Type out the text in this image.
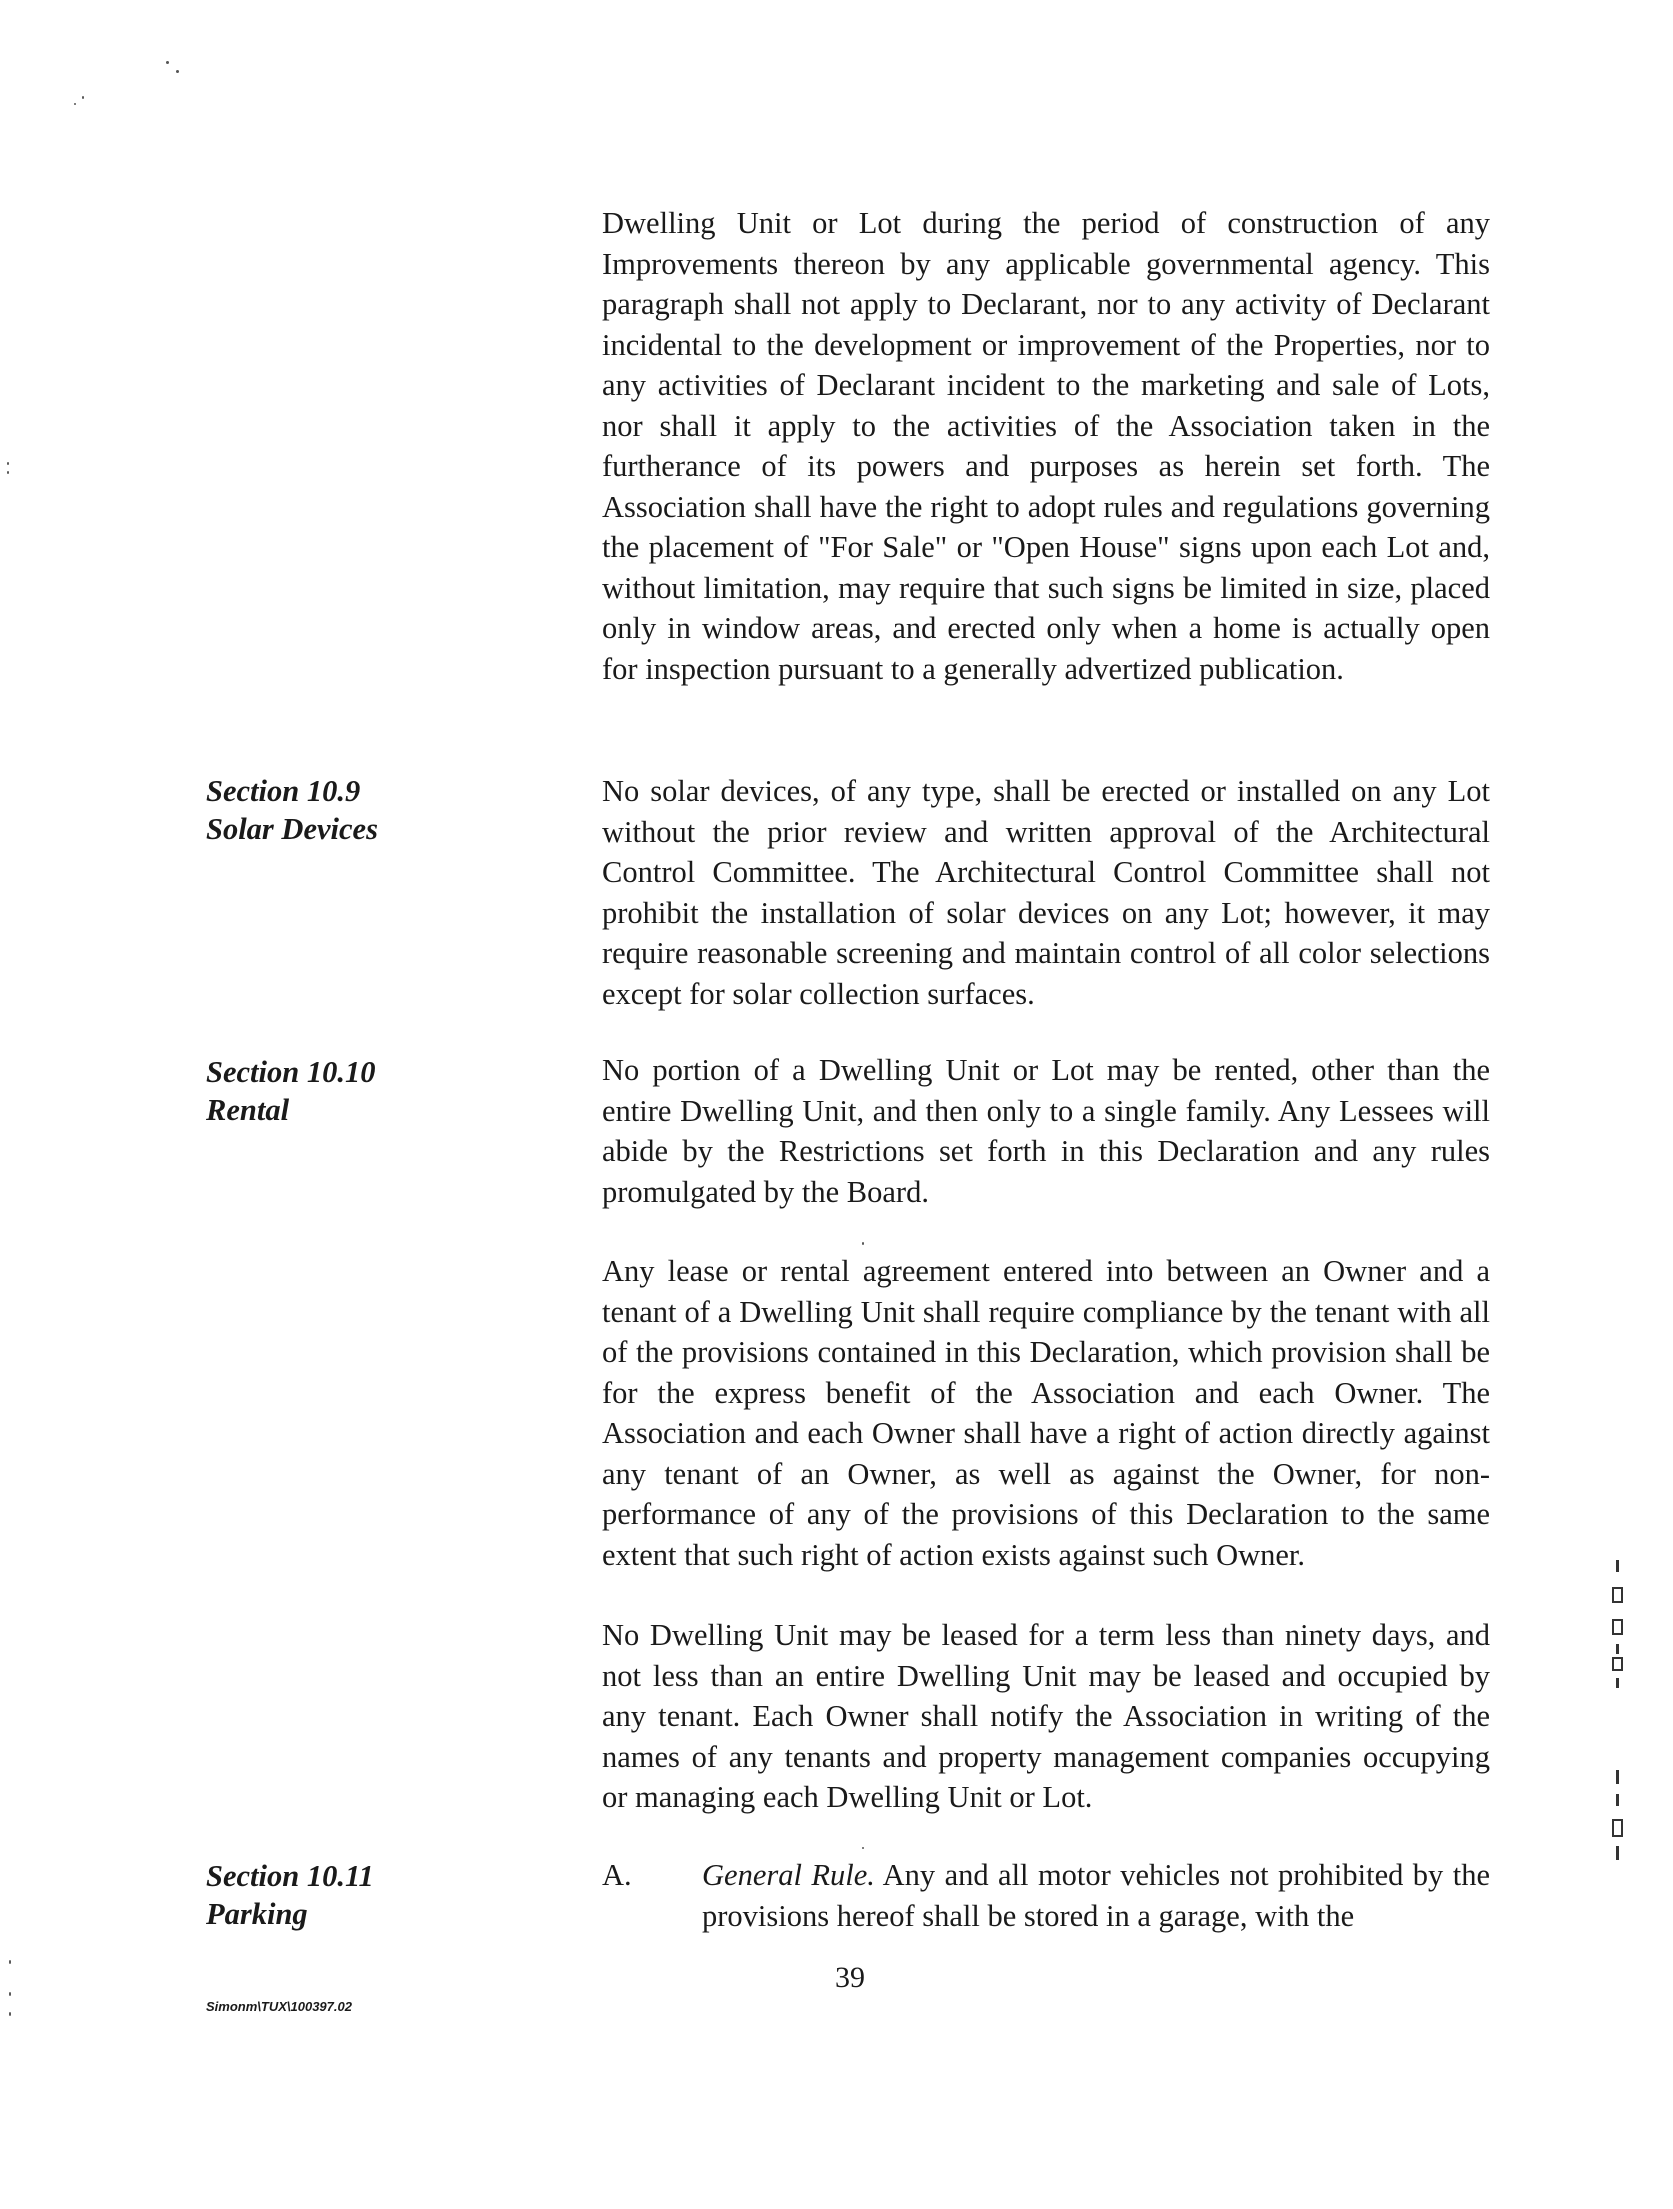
Dwelling Unit or Lot during the period of construction of any Improvements thereon by any applicable governmental agency. This paragraph shall not apply to Declarant, nor to any activity of Declarant incidental to the development or improvement of the Properties, nor to any activities of Declarant incident to the marketing and sale of Lots, nor shall it apply to the activities of the Association taken in the furtherance of its powers and purposes as herein set forth. The Association shall have the right to adopt rules and regulations governing the placement of "For Sale" or "Open House" signs upon each Lot and, without limitation, may require that such signs be limited in size, placed only in window areas, and erected only when a home is actually open for inspection pursuant to a generally advertized publication.

Section 10.9
Solar Devices

No solar devices, of any type, shall be erected or installed on any Lot without the prior review and written approval of the Architectural Control Committee. The Architectural Control Committee shall not prohibit the installation of solar devices on any Lot; however, it may require reasonable screening and maintain control of all color selections except for solar collection surfaces.

Section 10.10
Rental

No portion of a Dwelling Unit or Lot may be rented, other than the entire Dwelling Unit, and then only to a single family. Any Lessees will abide by the Restrictions set forth in this Declaration and any rules promulgated by the Board.

Any lease or rental agreement entered into between an Owner and a tenant of a Dwelling Unit shall require compliance by the tenant with all of the provisions contained in this Declaration, which provision shall be for the express benefit of the Association and each Owner. The Association and each Owner shall have a right of action directly against any tenant of an Owner, as well as against the Owner, for non-performance of any of the provisions of this Declaration to the same extent that such right of action exists against such Owner.

No Dwelling Unit may be leased for a term less than ninety days, and not less than an entire Dwelling Unit may be leased and occupied by any tenant. Each Owner shall notify the Association in writing of the names of any tenants and property management companies occupying or managing each Dwelling Unit or Lot.

Section 10.11
Parking
A. General Rule. Any and all motor vehicles not prohibited by the provisions hereof shall be stored in a garage, with the

39

Simonm\TUX\100397.02
